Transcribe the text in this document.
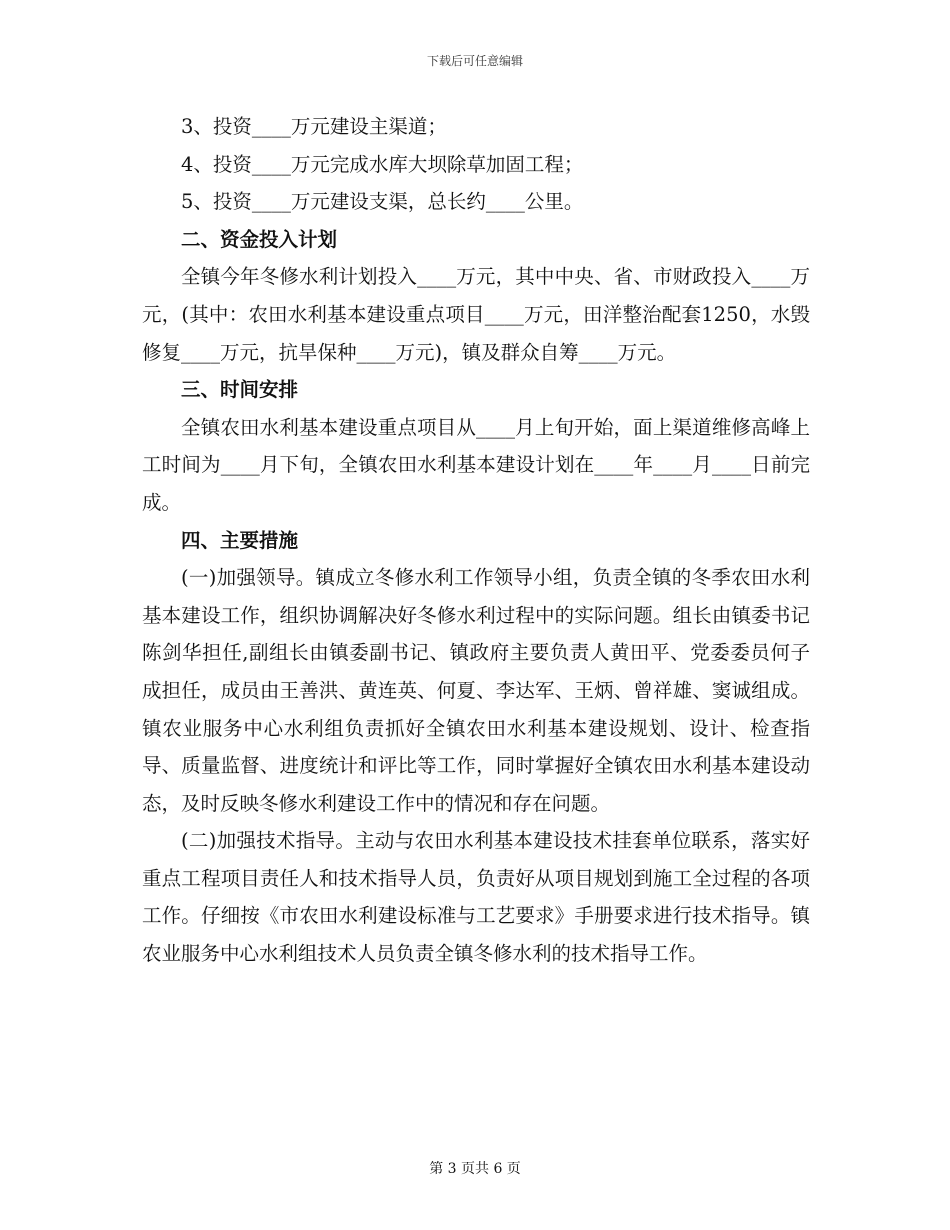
下载后可任意编辑

3、投资____万元建设主渠道；

4、投资____万元完成水库大坝除草加固工程；

5、投资____万元建设支渠，总长约____公里。

二、资金投入计划

全镇今年冬修水利计划投入____万元，其中中央、省、市财政投入____万元，(其中：农田水利基本建设重点项目____万元，田洋整治配套1250，水毁修复____万元，抗旱保种____万元)，镇及群众自筹____万元。

三、时间安排

全镇农田水利基本建设重点项目从____月上旬开始，面上渠道维修高峰上工时间为____月下旬，全镇农田水利基本建设计划在____年____月____日前完成。

四、主要措施

(一)加强领导。镇成立冬修水利工作领导小组，负责全镇的冬季农田水利基本建设工作，组织协调解决好冬修水利过程中的实际问题。组长由镇委书记陈剑华担任,副组长由镇委副书记、镇政府主要负责人黄田平、党委委员何子成担任，成员由王善洪、黄连英、何夏、李达军、王炳、曾祥雄、窦诚组成。镇农业服务中心水利组负责抓好全镇农田水利基本建设规划、设计、检查指导、质量监督、进度统计和评比等工作，同时掌握好全镇农田水利基本建设动态，及时反映冬修水利建设工作中的情况和存在问题。

(二)加强技术指导。主动与农田水利基本建设技术挂套单位联系，落实好重点工程项目责任人和技术指导人员，负责好从项目规划到施工全过程的各项工作。仔细按《市农田水利建设标准与工艺要求》手册要求进行技术指导。镇农业服务中心水利组技术人员负责全镇冬修水利的技术指导工作。

第 3 页共 6 页
